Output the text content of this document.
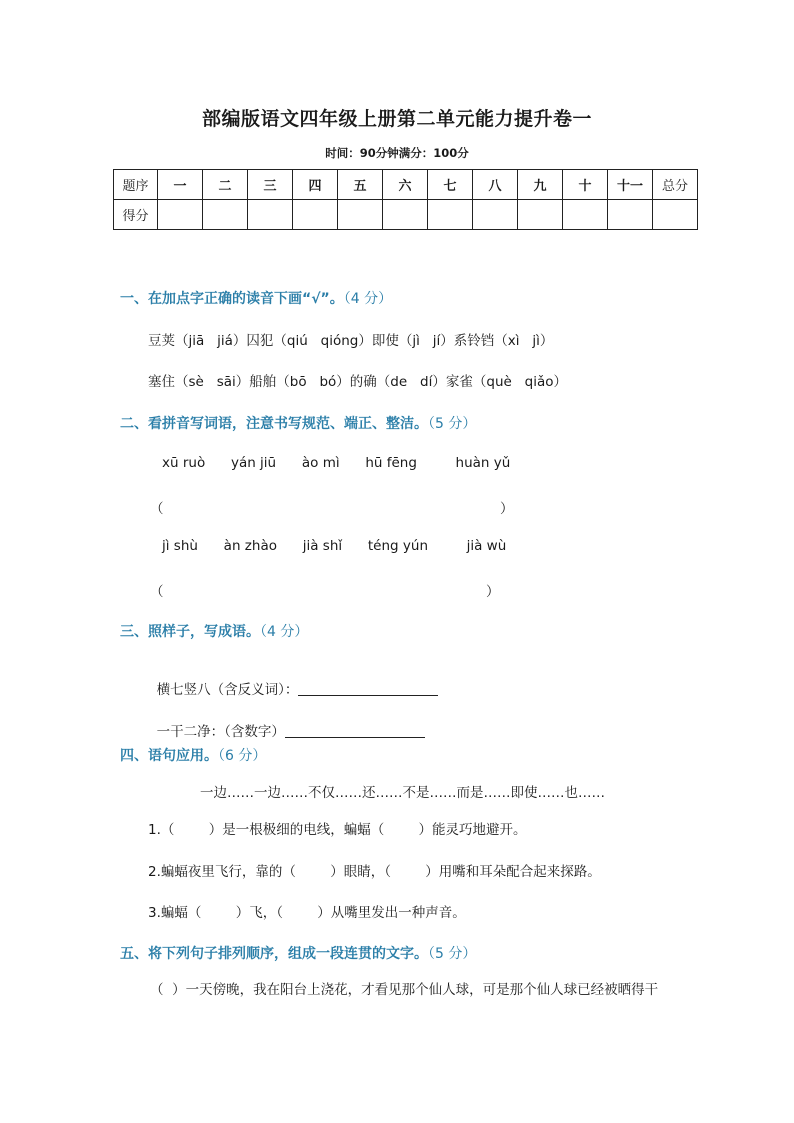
部编版语文四年级上册第二单元能力提升卷一
时间：90分钟满分：100分
题序	一	二	三	四	五	六	七	八	九	十	十一	总分
得分												
一、在加点字正确的读音下画“√”。（4 分）
豆荚（jiā   jiá）囚犯（qiú   qióng）即使（jì   jí）系铃铛（xì   jì）
塞住（sè   sāi）船舶（bō   bó）的确（de   dí）家雀（què   qiǎo）
二、看拼音写词语，注意书写规范、端正、整洁。（5 分）
xū ruò      yán jiū      ào mì      hū fēng         huàn yǔ
（	）
jì shù      àn zhào      jià shǐ      téng yún         jià wù
（	）
三、照样子，写成语。（4 分）

横七竖八（含反义词）：

一干二净：（含数字）

四、语句应用。（6 分）
一边……一边……不仅……还……不是……而是……即使……也……
1.（        ）是一根极细的电线，蝙蝠（        ）能灵巧地避开。
2.蝙蝠夜里飞行，靠的（        ）眼睛，（        ）用嘴和耳朵配合起来探路。
3.蝙蝠（        ）飞，（        ）从嘴里发出一种声音。
五、将下列句子排列顺序，组成一段连贯的文字。（5 分）
（  ）一天傍晚，我在阳台上浇花，才看见那个仙人球，可是那个仙人球已经被晒得干
